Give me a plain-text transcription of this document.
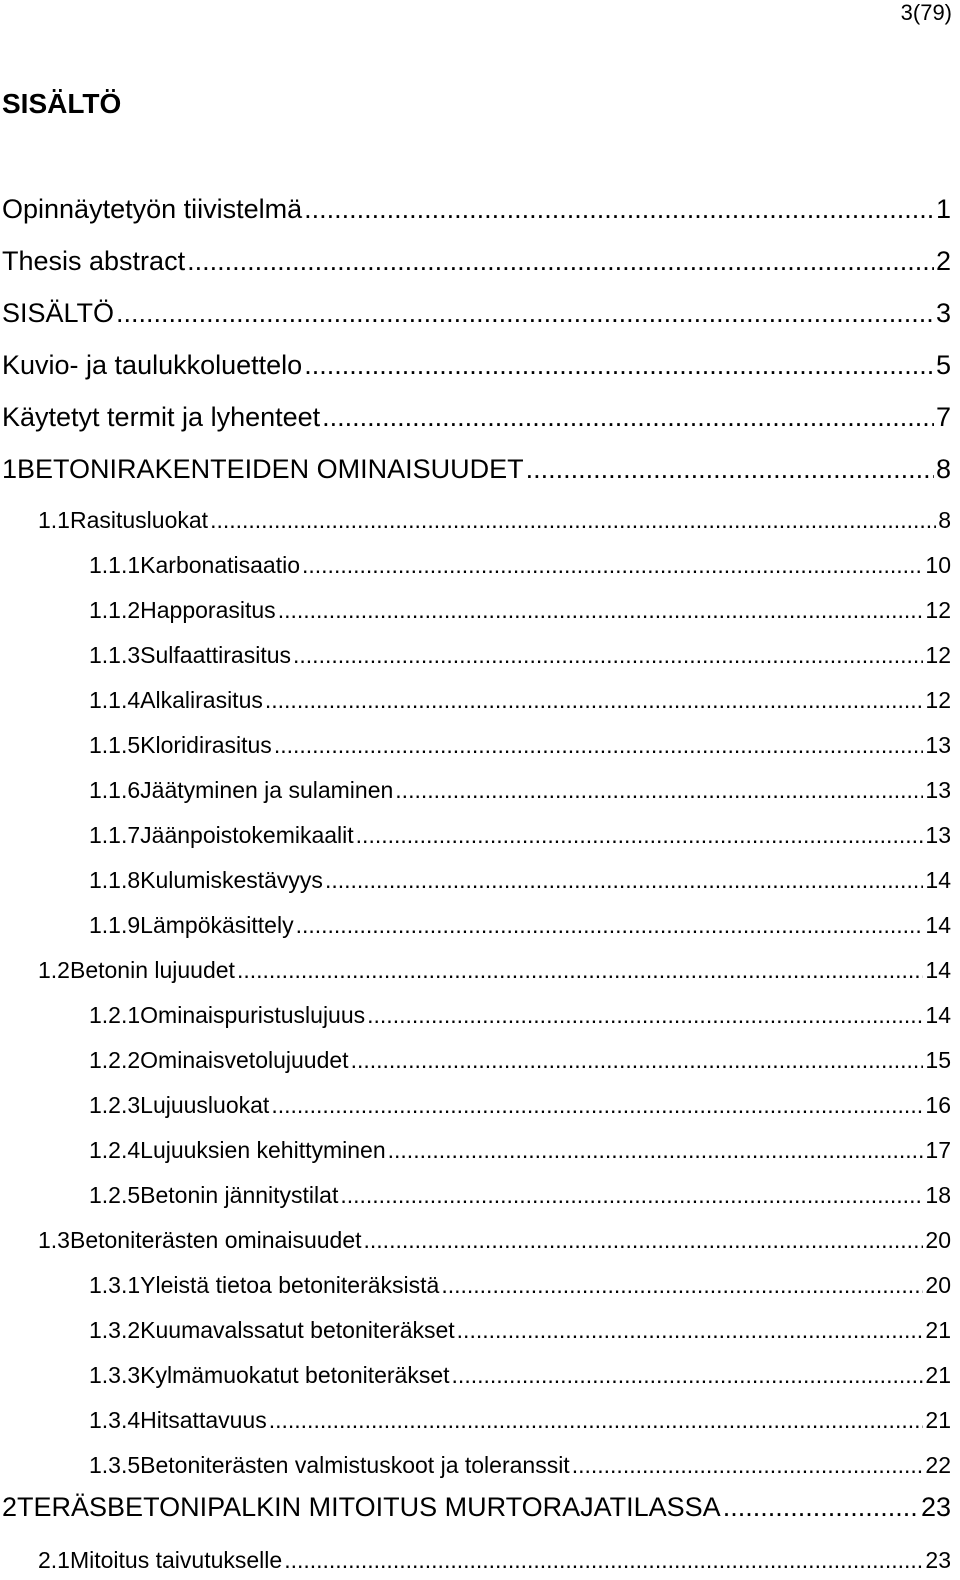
3(79)
SISÄLTÖ
Opinnäytetyön tiivistelmä .....	1
Thesis abstract .....	2
SISÄLTÖ .....	3
Kuvio- ja taulukkoluettelo .....	5
Käytetyt termit ja lyhenteet .....	7
1 BETONIRAKENTEIDEN OMINAISUUDET .....	8
1.1 Rasitusluokat .....	8
1.1.1 Karbonatisaatio .....	10
1.1.2 Happorasitus .....	12
1.1.3 Sulfaattirasitus .....	12
1.1.4 Alkalirasitus .....	12
1.1.5 Kloridirasitus .....	13
1.1.6 Jäätyminen ja sulaminen .....	13
1.1.7 Jäänpoistokemikaalit .....	13
1.1.8 Kulumiskestävyys .....	14
1.1.9 Lämpökäsittely .....	14
1.2 Betonin lujuudet .....	14
1.2.1 Ominaispuristuslujuus .....	14
1.2.2 Ominaisvetolujuudet .....	15
1.2.3 Lujuusluokat .....	16
1.2.4 Lujuuksien kehittyminen .....	17
1.2.5 Betonin jännitystilat .....	18
1.3 Betoniterästen ominaisuudet .....	20
1.3.1 Yleistä tietoa betoniteräksistä .....	20
1.3.2 Kuumavalssatut betoniteräkset .....	21
1.3.3 Kylmämuokatut betoniteräkset .....	21
1.3.4 Hitsattavuus .....	21
1.3.5 Betoniterästen valmistuskoot ja toleranssit .....	22
2 TERÄSBETONIPALKIN MITOITUS MURTORAJATILASSA .....	23
2.1 Mitoitus taivutukselle .....	23
